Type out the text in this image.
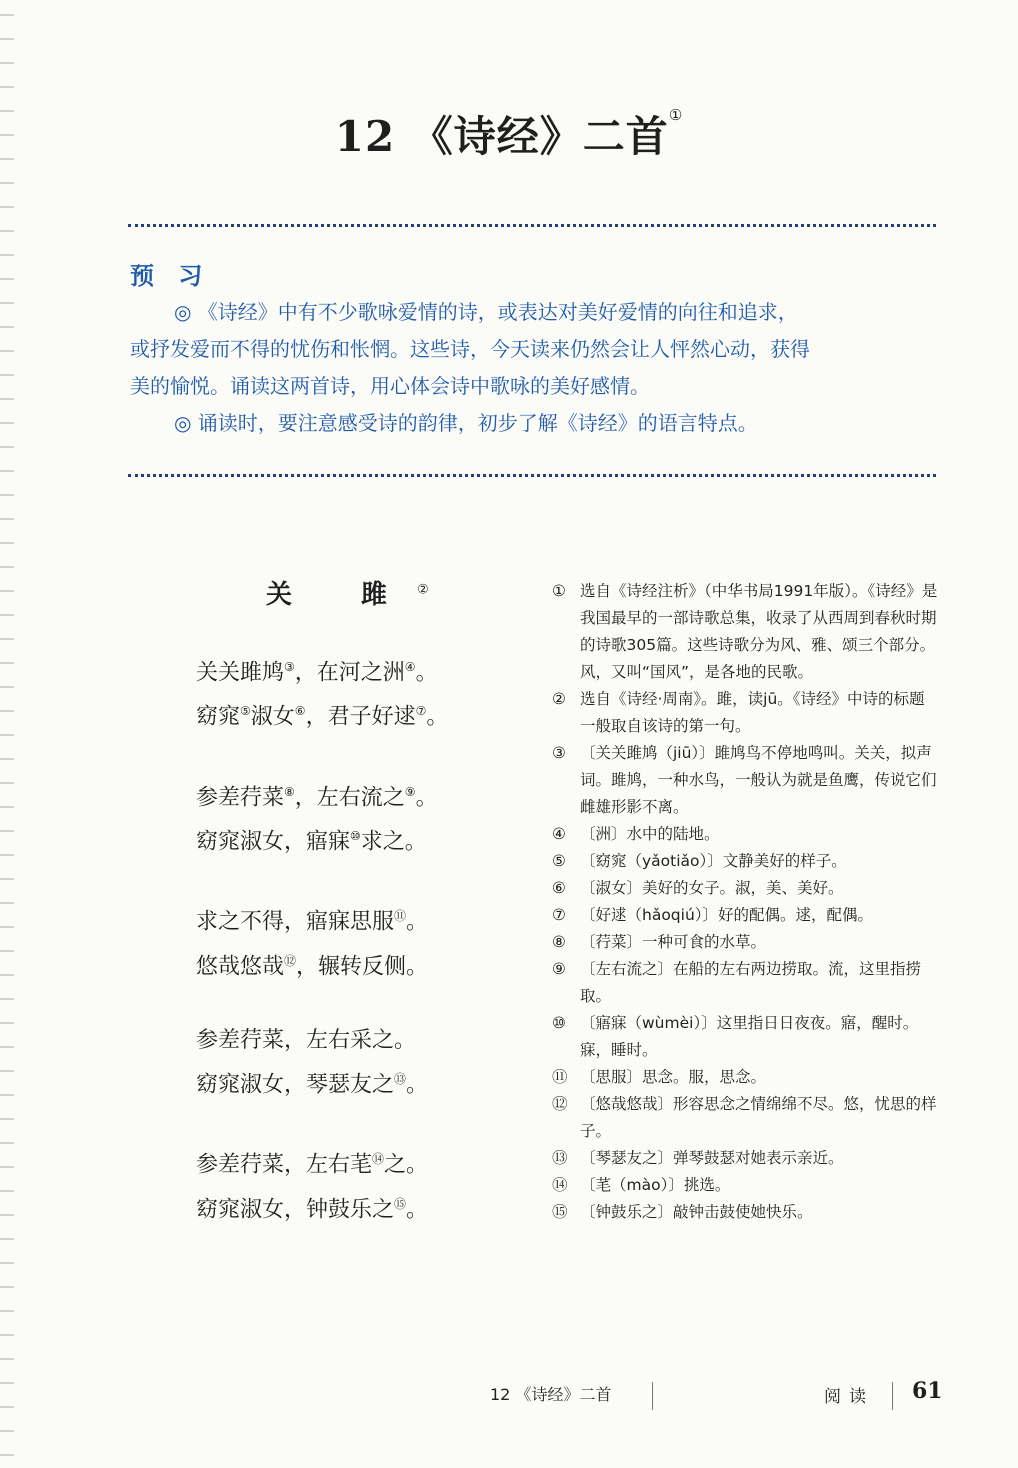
12 《诗经》二首①
预 习

◎ 《诗经》中有不少歌咏爱情的诗，或表达对美好爱情的向往和追求，

或抒发爱而不得的忧伤和怅惘。这些诗，今天读来仍然会让人怦然心动，获得

美的愉悦。诵读这两首诗，用心体会诗中歌咏的美好感情。

◎ 诵读时，要注意感受诗的韵律，初步了解《诗经》的语言特点。

关 雎②
关关雎鸠③，在河之洲④。
窈窕⑤淑女⑥，君子好逑⑦。
参差荇菜⑧，左右流之⑨。
窈窕淑女，寤寐⑩求之。
求之不得，寤寐思服⑪。
悠哉悠哉⑫，辗转反侧。
参差荇菜，左右采之。
窈窕淑女，琴瑟友之⑬。
参差荇菜，左右芼⑭之。
窈窕淑女，钟鼓乐之⑮。
① 选自《诗经注析》（中华书局1991年版）。《诗经》是我国最早的一部诗歌总集，收录了从西周到春秋时期的诗歌305篇。这些诗歌分为风、雅、颂三个部分。风，又叫“国风”，是各地的民歌。
② 选自《诗经·周南》。雎，读jū。《诗经》中诗的标题一般取自该诗的第一句。
③ 〔关关雎鸠（jiū）〕雎鸠鸟不停地鸣叫。关关，拟声词。雎鸠，一种水鸟，一般认为就是鱼鹰，传说它们雌雄形影不离。
④ 〔洲〕水中的陆地。
⑤ 〔窈窕（yǎotiǎo）〕文静美好的样子。
⑥ 〔淑女〕美好的女子。淑，美、美好。
⑦ 〔好逑（hǎoqiú）〕好的配偶。逑，配偶。
⑧ 〔荇菜〕一种可食的水草。
⑨ 〔左右流之〕在船的左右两边捞取。流，这里指捞取。
⑩ 〔寤寐（wùmèi）〕这里指日日夜夜。寤，醒时。寐，睡时。
⑪ 〔思服〕思念。服，思念。
⑫ 〔悠哉悠哉〕形容思念之情绵绵不尽。悠，忧思的样子。
⑬ 〔琴瑟友之〕弹琴鼓瑟对她表示亲近。
⑭ 〔芼（mào）〕挑选。
⑮ 〔钟鼓乐之〕敲钟击鼓使她快乐。
12 《诗经》二首	阅读 61
